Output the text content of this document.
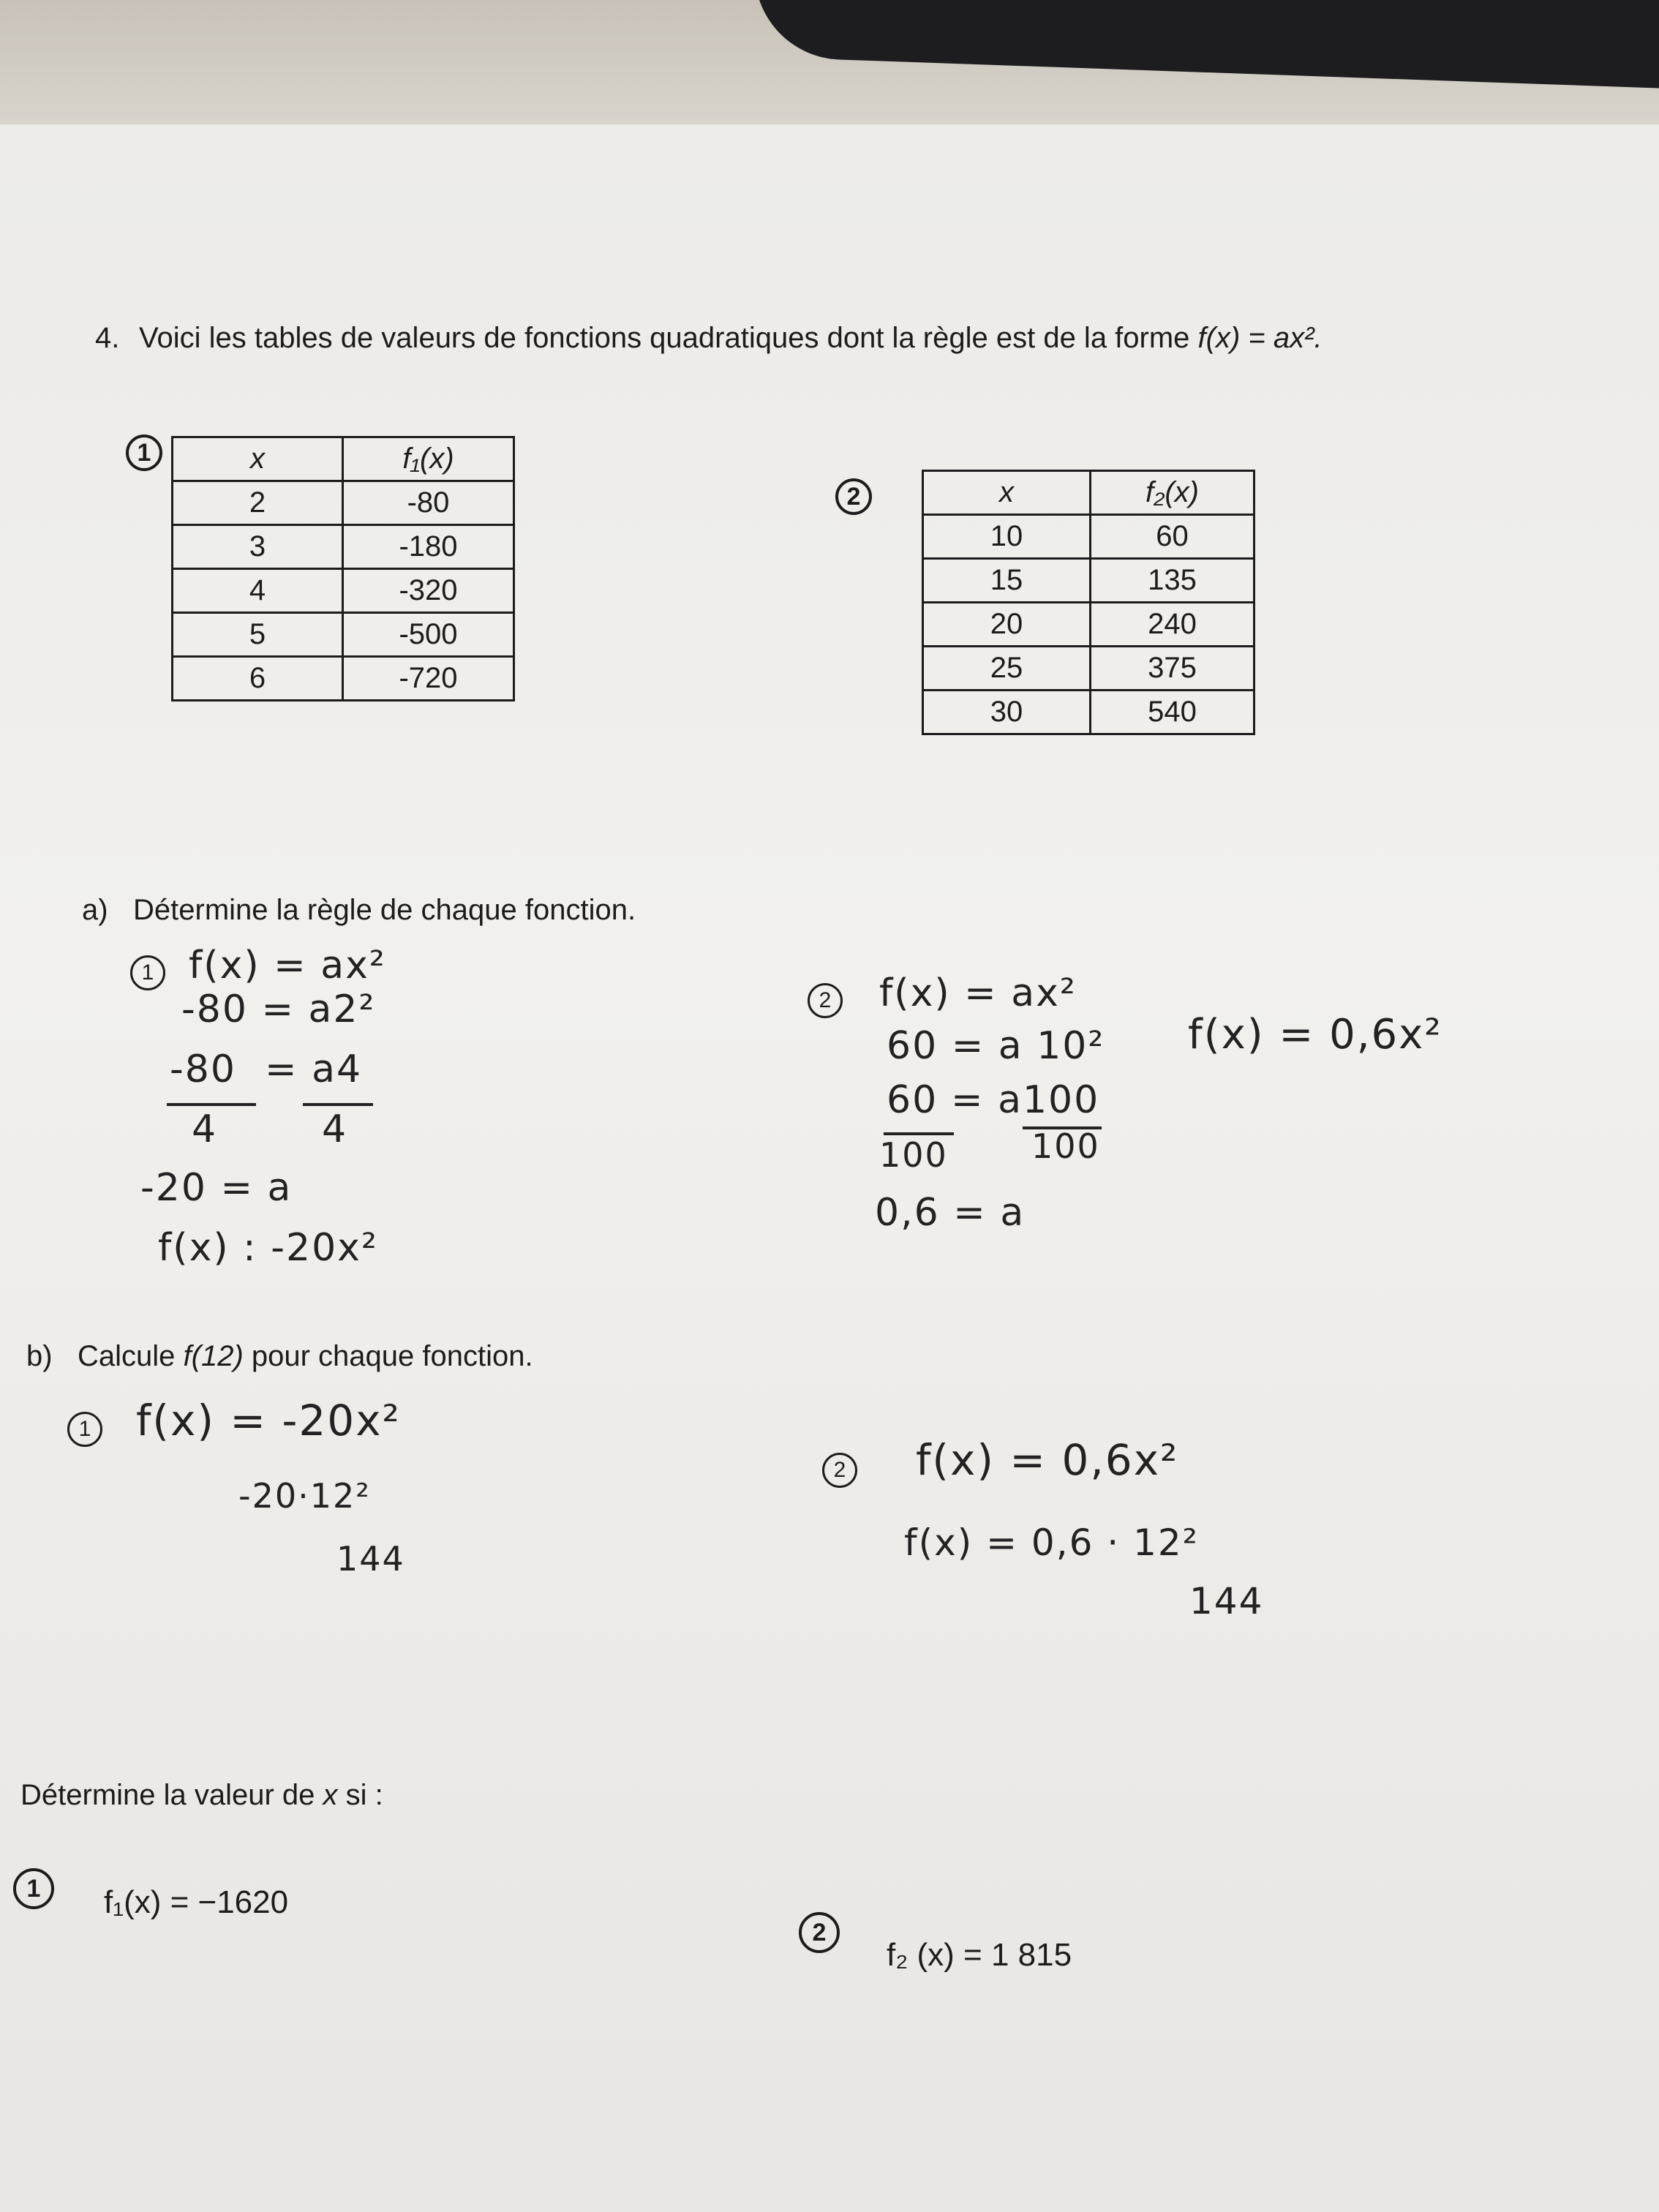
4. Voici les tables de valeurs de fonctions quadratiques dont la règle est de la forme f(x) = ax².
1	x	f₁(x)
2	-80
3	-180
4	-320
5	-500
6	-720
2	x	f₂(x)
10	60
15	135
20	240
25	375
30	540
a) Détermine la règle de chaque fonction.
1 f(x) = ax²
-80 = a2²
-80 = a4
4	4
-20 = a
f(x) : -20x²
2	f(x) = ax²
60 = a 10²
60 = a100
100 100
0,6 = a
f(x) = 0,6x²
b) Calcule f(12) pour chaque fonction.
1 f(x) = -20x²
-20·12²
144
2 f(x) = 0,6x²
f(x) = 0,6 · 12²
144
Détermine la valeur de x si :
1	f₁(x) = −1620
2
f₂ (x) = 1 815
